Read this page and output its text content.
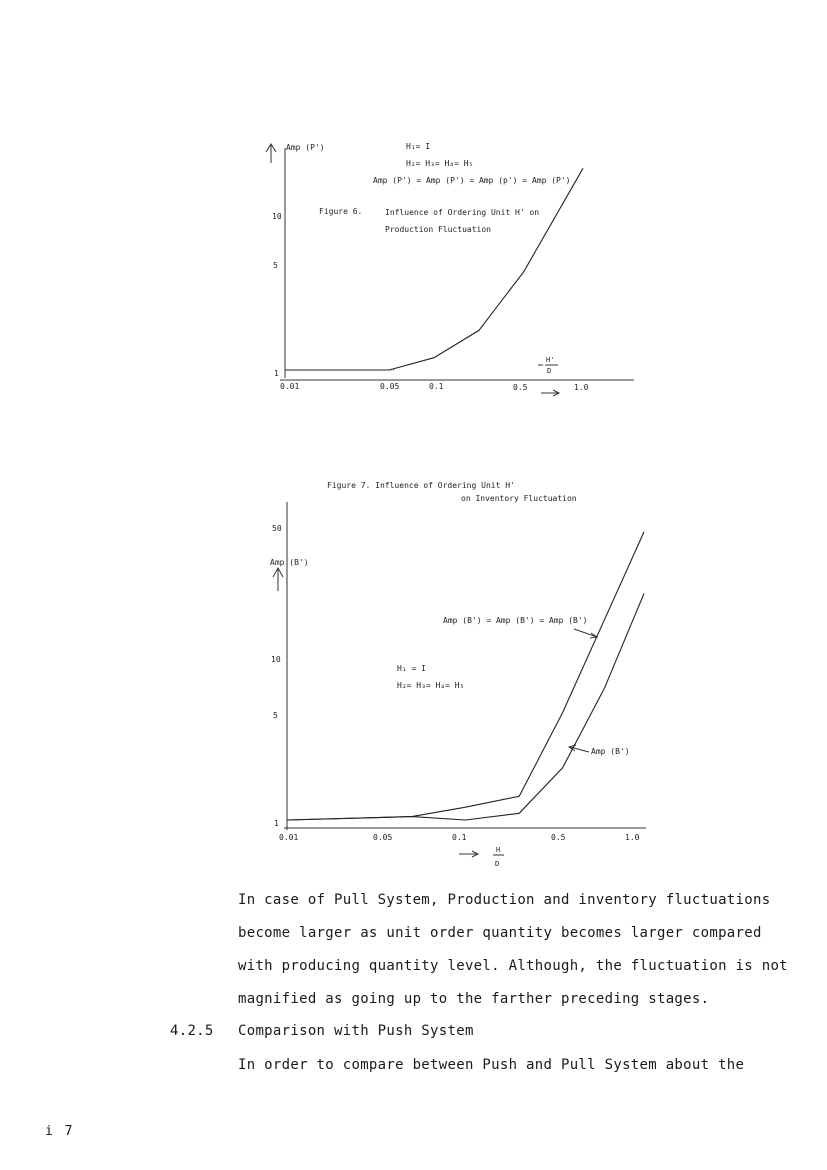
Amp (P')	H₁= I
H₂= H₃= H₄= H₅
Amp (P') = Amp (P') = Amp (p') = Amp (P')
Figure 6.	Influence of Ordering Unit H' on
Production Fluctuation
10
5
1
0.01	0.05	0.1	0.5	1.0
H'
D
Figure 7. Influence of Ordering Unit H'
on Inventory Fluctuation
Amp (B')
50
10
5
1
0.01	0.05	0.1	0.5	1.0
H
D
H₁ = I
H₂= H₃= H₄= H₅
Amp (B') = Amp (B') = Amp (B')
Amp (B')
In case of Pull System, Production and inventory fluctuations
become larger as unit order quantity becomes larger compared
with producing quantity level. Although, the fluctuation is not
magnified as going up to the farther preceding stages.
4.2.5 Comparison with Push System
In order to compare between Push and Pull System about the
i 7
